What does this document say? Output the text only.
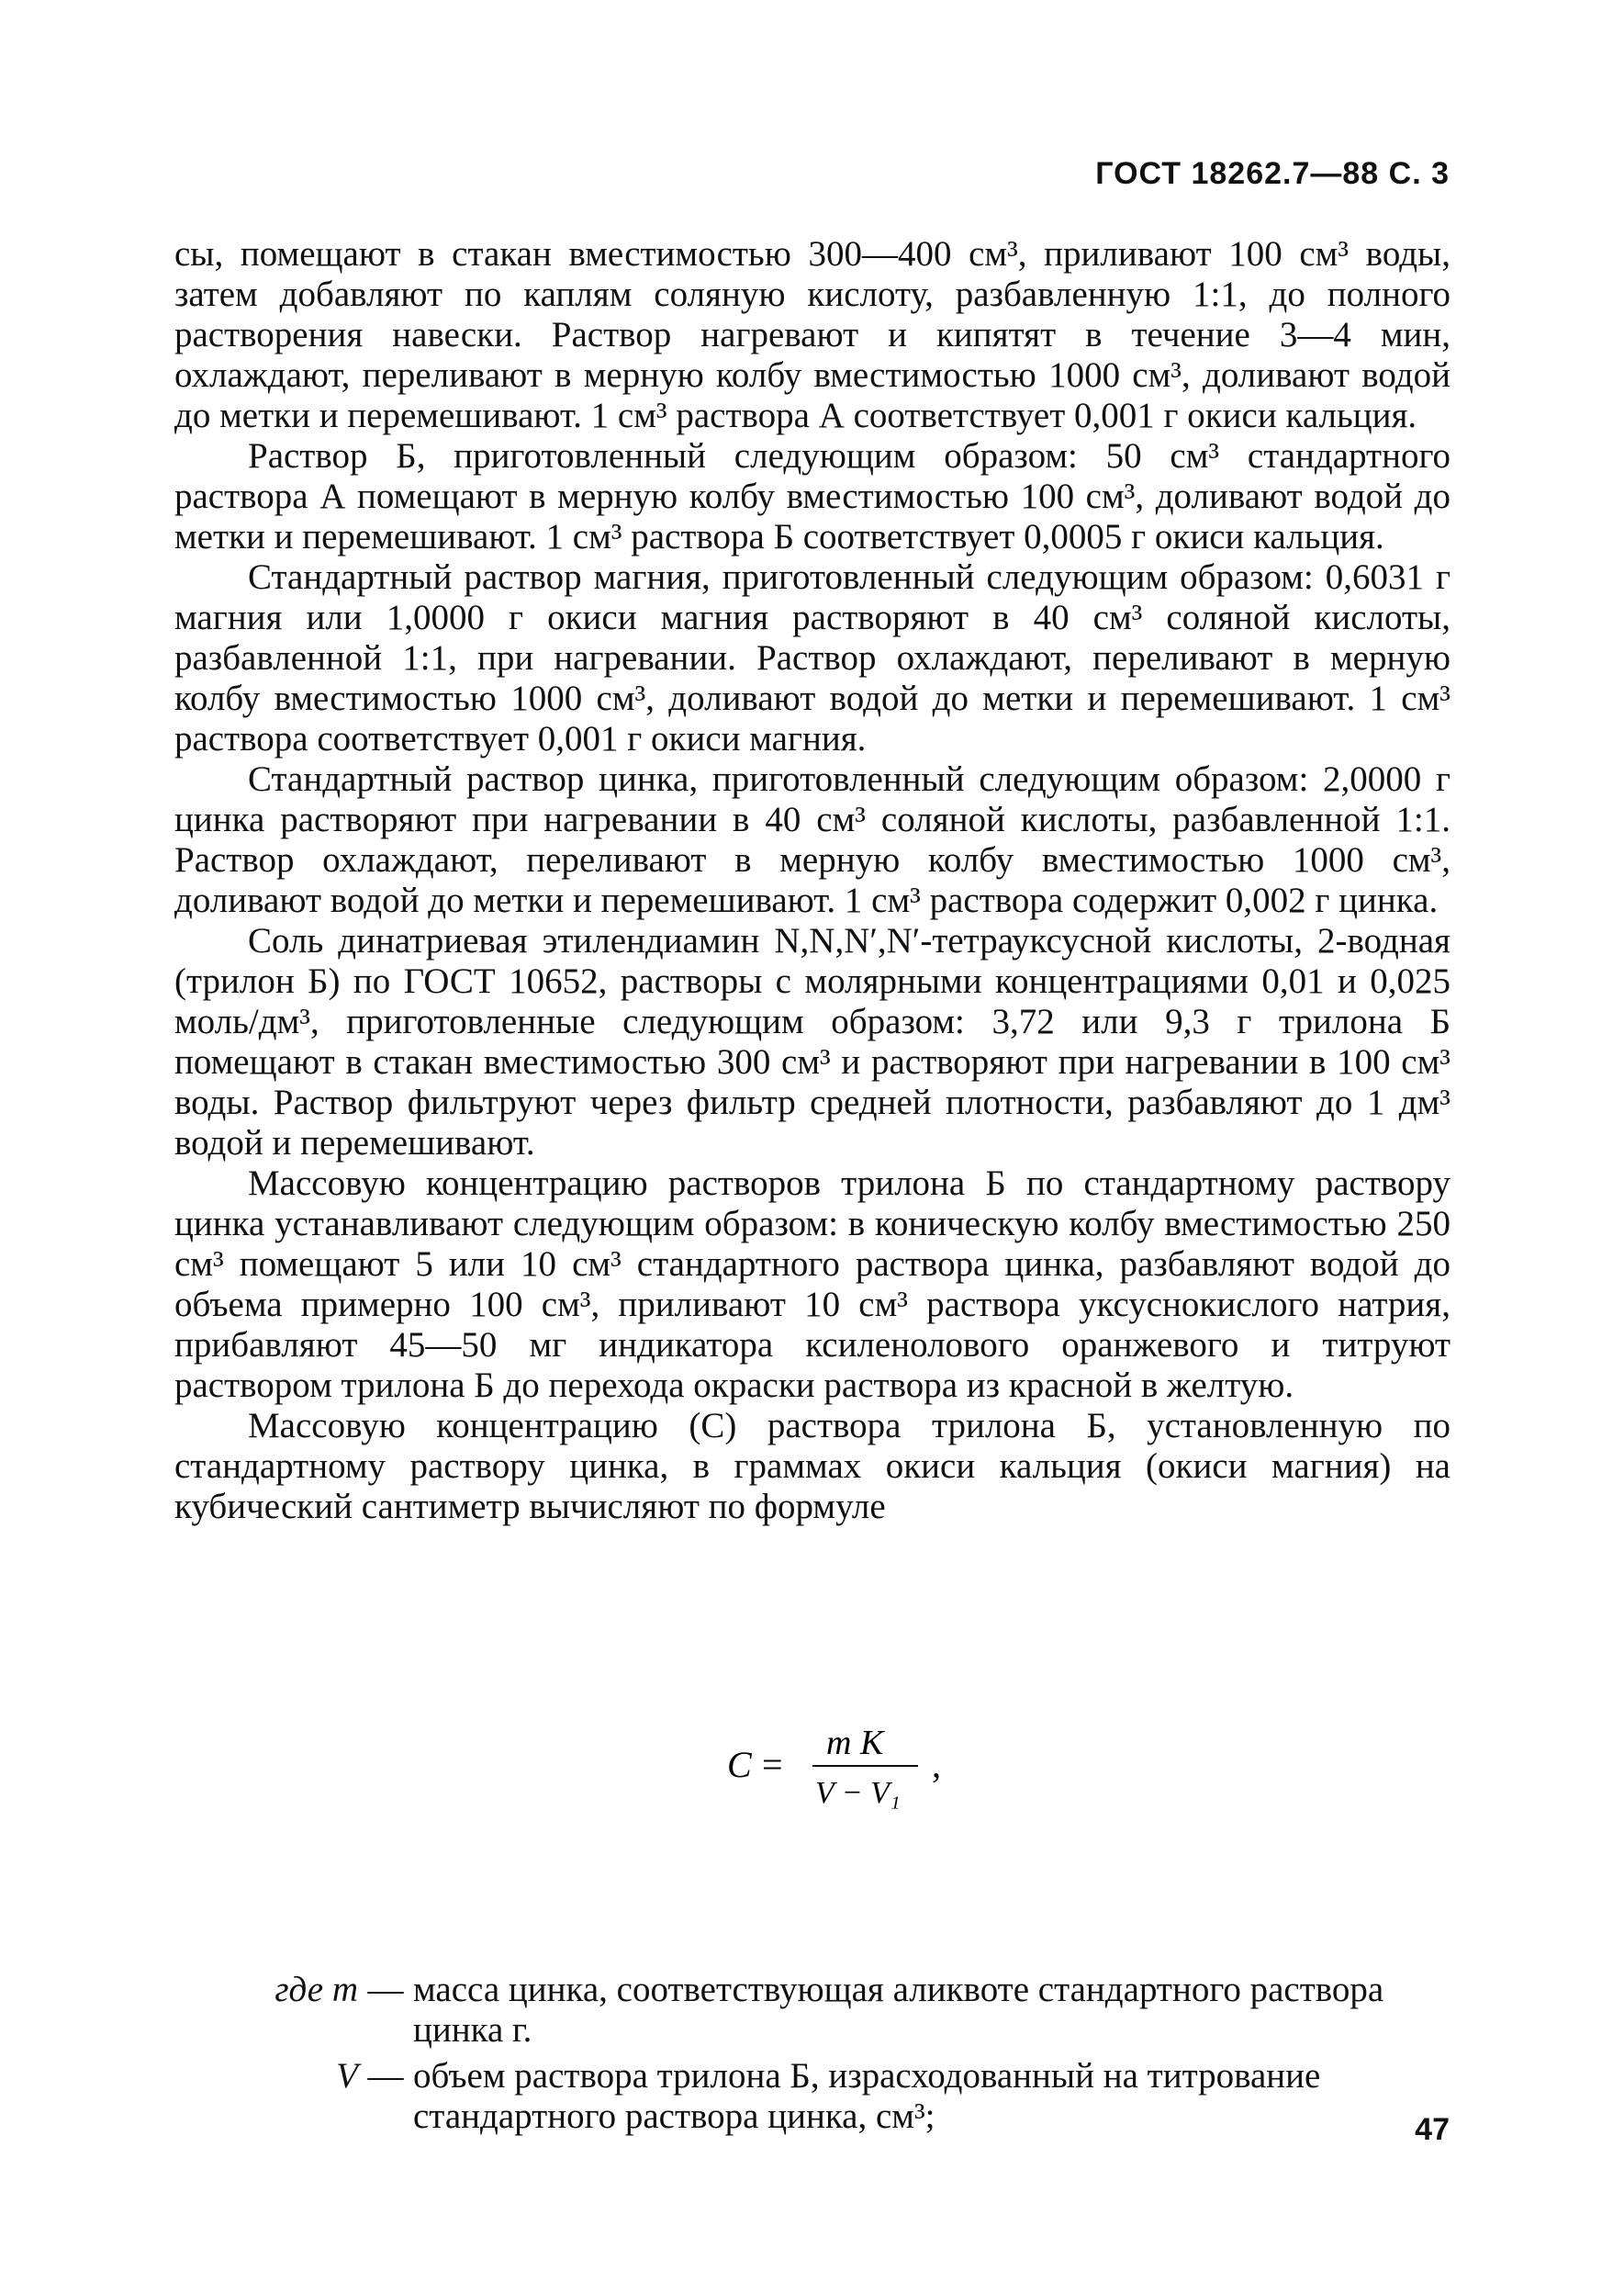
ГОСТ 18262.7—88 С. 3

сы, помещают в стакан вместимостью 300—400 см³, приливают 100 см³ воды, затем добавляют по каплям соляную кислоту, разбавленную 1:1, до полного растворения навески. Раствор нагревают и кипятят в течение 3—4 мин, охлаждают, переливают в мерную колбу вместимостью 1000 см³, доливают водой до метки и перемешивают. 1 см³ раствора А соответствует 0,001 г окиси кальция.

Раствор Б, приготовленный следующим образом: 50 см³ стандартного раствора А помещают в мерную колбу вместимостью 100 см³, доливают водой до метки и перемешивают. 1 см³ раствора Б соответствует 0,0005 г окиси кальция.

Стандартный раствор магния, приготовленный следующим образом: 0,6031 г магния или 1,0000 г окиси магния растворяют в 40 см³ соляной кислоты, разбавленной 1:1, при нагревании. Раствор охлаждают, переливают в мерную колбу вместимостью 1000 см³, доливают водой до метки и перемешивают. 1 см³ раствора соответствует 0,001 г окиси магния.

Стандартный раствор цинка, приготовленный следующим образом: 2,0000 г цинка растворяют при нагревании в 40 см³ соляной кислоты, разбавленной 1:1. Раствор охлаждают, переливают в мерную колбу вместимостью 1000 см³, доливают водой до метки и перемешивают. 1 см³ раствора содержит 0,002 г цинка.

Соль динатриевая этилендиамин N,N,N′,N′-тетрауксусной кислоты, 2-водная (трилон Б) по ГОСТ 10652, растворы с молярными концентрациями 0,01 и 0,025 моль/дм³, приготовленные следующим образом: 3,72 или 9,3 г трилона Б помещают в стакан вместимостью 300 см³ и растворяют при нагревании в 100 см³ воды. Раствор фильтруют через фильтр средней плотности, разбавляют до 1 дм³ водой и перемешивают.

Массовую концентрацию растворов трилона Б по стандартному раствору цинка устанавливают следующим образом: в коническую колбу вместимостью 250 см³ помещают 5 или 10 см³ стандартного раствора цинка, разбавляют водой до объема примерно 100 см³, приливают 10 см³ раствора уксуснокислого натрия, прибавляют 45—50 мг индикатора ксиленолового оранжевого и титруют раствором трилона Б до перехода окраски раствора из красной в желтую.

Массовую концентрацию (С) раствора трилона Б, установленную по стандартному раствору цинка, в граммах окиси кальция (окиси магния) на кубический сантиметр вычисляют по формуле

С =
m K
V − V₁
,
где m — масса цинка, соответствующая аликвоте стандартного раствора цинка г.
V — объем раствора трилона Б, израсходованный на титрование стандартного раствора цинка, см³;	47
